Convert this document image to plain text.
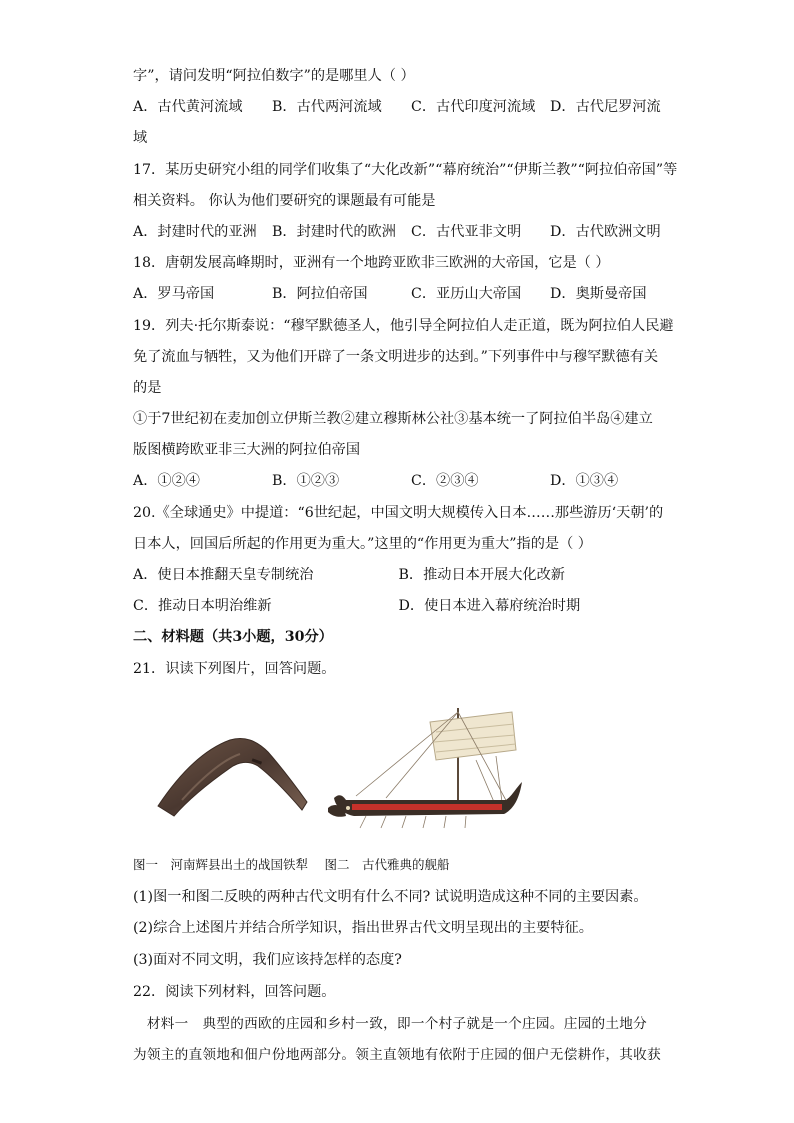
字”，请问发明“阿拉伯数字”的是哪里人（ ）
A．古代黄河流域	B．古代两河流域	C．古代印度河流域	D．古代尼罗河流
域
17．某历史研究小组的同学们收集了“大化改新”“幕府统治”“伊斯兰教”“阿拉伯帝国”等
相关资料。 你认为他们要研究的课题最有可能是
A．封建时代的亚洲	B．封建时代的欧洲	C．古代亚非文明	D．古代欧洲文明
18．唐朝发展高峰期时，亚洲有一个地跨亚欧非三欧洲的大帝国，它是（ ）
A．罗马帝国	B．阿拉伯帝国	C．亚历山大帝国	D．奥斯曼帝国
19．列夫·托尔斯泰说：“穆罕默德圣人，他引导全阿拉伯人走正道，既为阿拉伯人民避
免了流血与牺牲，又为他们开辟了一条文明进步的达到。”下列事件中与穆罕默德有关
的是
①于7世纪初在麦加创立伊斯兰教②建立穆斯林公社③基本统一了阿拉伯半岛④建立
版图横跨欧亚非三大洲的阿拉伯帝国
A．①②④	B．①②③	C．②③④	D．①③④
20.《全球通史》中提道：“6世纪起，中国文明大规模传入日本……那些游历‘天朝’的
日本人，回国后所起的作用更为重大。”这里的“作用更为重大”指的是（ ）
A．使日本推翻天皇专制统治	B．推动日本开展大化改新
C．推动日本明治维新	D．使日本进入幕府统治时期
二、材料题（共3小题，30分）
21．识读下列图片，回答问题。
图一　河南辉县出土的战国铁犁　 图二　古代雅典的舰船
(1)图一和图二反映的两种古代文明有什么不同? 试说明造成这种不同的主要因素。
(2)综合上述图片并结合所学知识，指出世界古代文明呈现出的主要特征。
(3)面对不同文明，我们应该持怎样的态度?
22．阅读下列材料，回答问题。
　材料一　典型的西欧的庄园和乡村一致，即一个村子就是一个庄园。庄园的土地分
为领主的直领地和佃户份地两部分。领主直领地有依附于庄园的佃户无偿耕作，其收获
